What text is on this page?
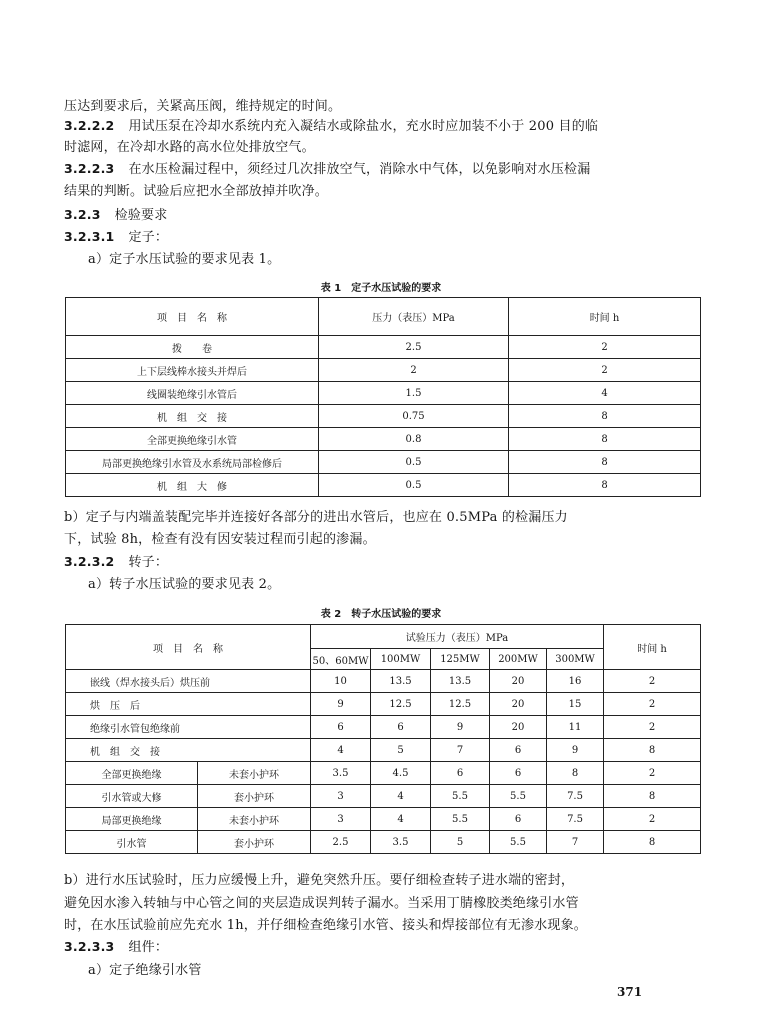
压达到要求后，关紧高压阀，维持规定的时间。
3.2.2.2 用试压泵在冷却水系统内充入凝结水或除盐水，充水时应加装不小于 200 目的临
时滤网，在冷却水路的高水位处排放空气。
3.2.2.3 在水压检漏过程中，须经过几次排放空气，消除水中气体，以免影响对水压检漏
结果的判断。试验后应把水全部放掉并吹净。
3.2.3 检验要求
3.2.3.1 定子：
a）定子水压试验的要求见表 1。
表 1　定子水压试验的要求
项　目　名　称	压力（表压）MPa	时间 h
拨　　卷	2.5	2
上下层线棒水接头并焊后	2	2
线圈装绝缘引水管后	1.5	4
机　组　交　接	0.75	8
全部更换绝缘引水管	0.8	8
局部更换绝缘引水管及水系统局部检修后	0.5	8
机　组　大　修	0.5	8
b）定子与内端盖装配完毕并连接好各部分的进出水管后，也应在 0.5MPa 的检漏压力
下，试验 8h，检查有没有因安装过程而引起的渗漏。
3.2.3.2 转子：
a）转子水压试验的要求见表 2。
表 2　转子水压试验的要求
项　目　名　称		试验压力（表压）MPa					时间 h
		50、60MW	100MW	125MW	200MW	300MW	
嵌线（焊水接头后）烘压前		10	13.5	13.5	20	16	2
烘　压　后		9	12.5	12.5	20	15	2
绝缘引水管包绝缘前		6	6	9	20	11	2
机　组　交　接		4	5	7	6	9	8
全部更换绝缘	未套小护环	3.5	4.5	6	6	8	2
引水管或大修	套小护环	3	4	5.5	5.5	7.5	8
局部更换绝缘	未套小护环	3	4	5.5	6	7.5	2
引水管	套小护环	2.5	3.5	5	5.5	7	8
b）进行水压试验时，压力应缓慢上升，避免突然升压。要仔细检查转子进水端的密封，
避免因水渗入转轴与中心管之间的夹层造成误判转子漏水。当采用丁腈橡胶类绝缘引水管
时，在水压试验前应先充水 1h，并仔细检查绝缘引水管、接头和焊接部位有无渗水现象。
3.2.3.3 组件：
a）定子绝缘引水管
371
